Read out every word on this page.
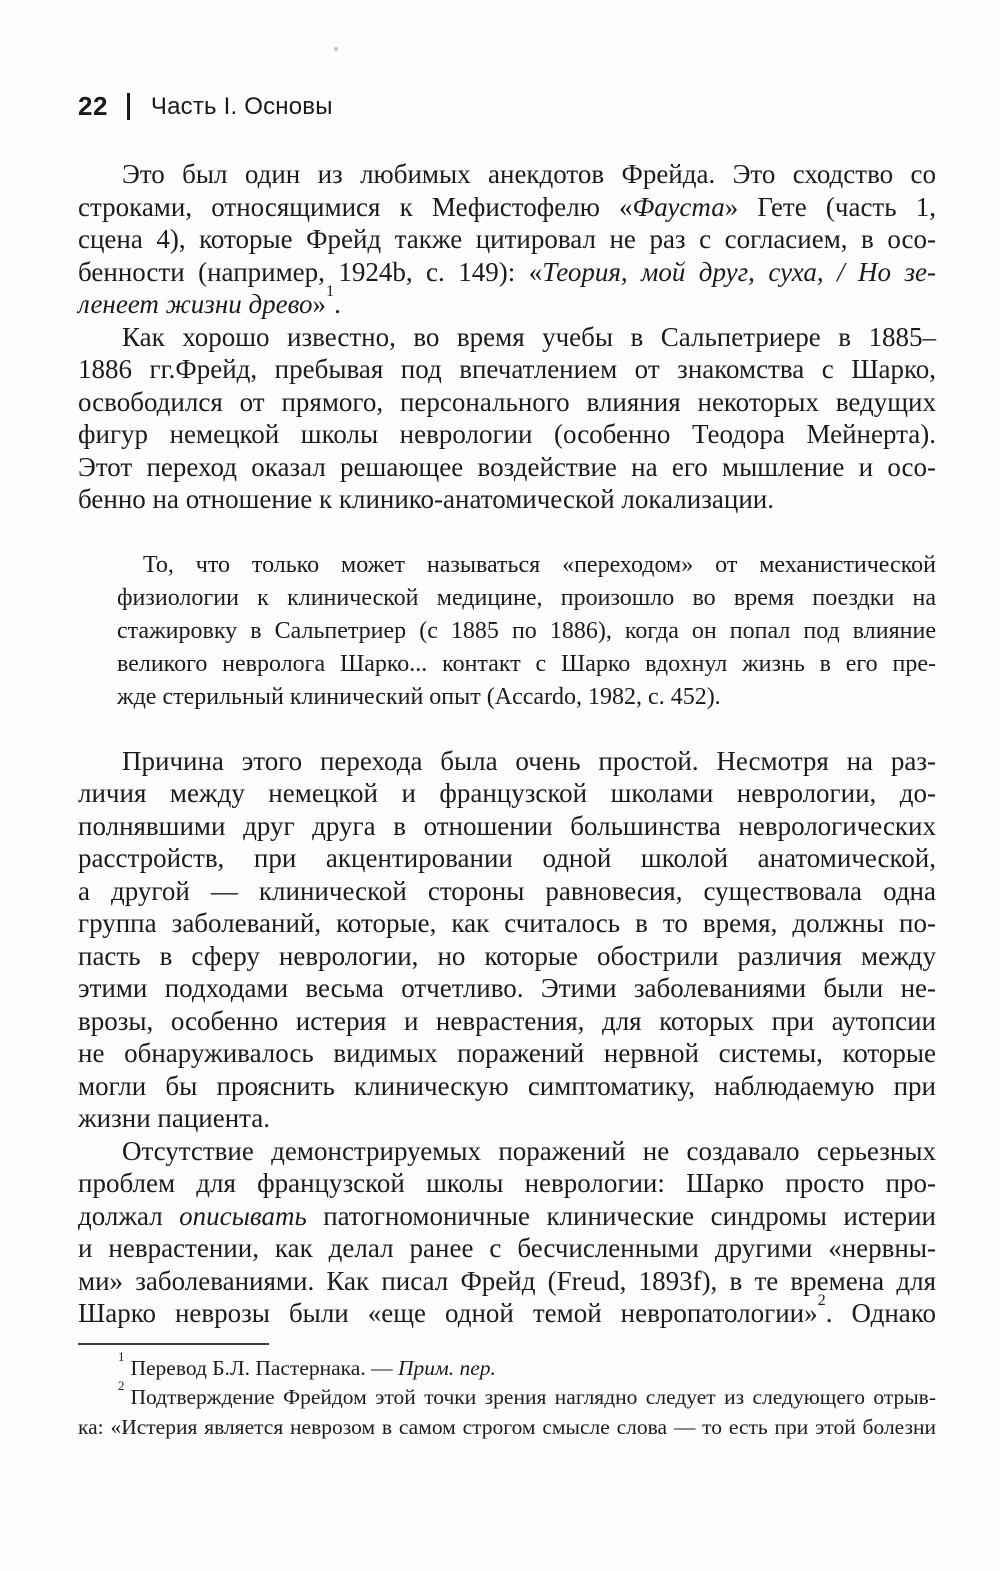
22 Часть I. Основы
Это был один из любимых анекдотов Фрейда. Это сходство со
строками, относящимися к Мефистофелю «Фауста» Гете (часть 1,
сцена 4), которые Фрейд также цитировал не раз с согласием, в осо-
бенности (например, 1924b, с. 149): «Теория, мой друг, суха, / Но зе-
ленеет жизни древо»$^1$.
Как хорошо известно, во время учебы в Сальпетриере в 1885–
1886 гг.Фрейд, пребывая под впечатлением от знакомства с Шарко,
освободился от прямого, персонального влияния некоторых ведущих
фигур немецкой школы неврологии (особенно Теодора Мейнерта).
Этот переход оказал решающее воздействие на его мышление и осо-
бенно на отношение к клинико-анатомической локализации.
То, что только может называться «переходом» от механистической
физиологии к клинической медицине, произошло во время поездки на
стажировку в Сальпетриер (с 1885 по 1886), когда он попал под влияние
великого невролога Шарко... контакт с Шарко вдохнул жизнь в его пре-
жде стерильный клинический опыт (Accardo, 1982, с. 452).
Причина этого перехода была очень простой. Несмотря на раз-
личия между немецкой и французской школами неврологии, до-
полнявшими друг друга в отношении большинства неврологических
расстройств, при акцентировании одной школой анатомической,
а другой — клинической стороны равновесия, существовала одна
группа заболеваний, которые, как считалось в то время, должны по-
пасть в сферу неврологии, но которые обострили различия между
этими подходами весьма отчетливо. Этими заболеваниями были не-
врозы, особенно истерия и неврастения, для которых при аутопсии
не обнаруживалось видимых поражений нервной системы, которые
могли бы прояснить клиническую симптоматику, наблюдаемую при
жизни пациента.
Отсутствие демонстрируемых поражений не создавало серьезных
проблем для французской школы неврологии: Шарко просто про-
должал описывать патогномоничные клинические синдромы истерии
и неврастении, как делал ранее с бесчисленными другими «нервны-
ми» заболеваниями. Как писал Фрейд (Freud, 1893f), в те времена для
Шарко неврозы были «еще одной темой невропатологии»$^2$. Однако
$^1$ Перевод Б.Л. Пастернака. — Прим. пер.
$^2$ Подтверждение Фрейдом этой точки зрения наглядно следует из следующего отрыв-
ка: «Истерия является неврозом в самом строгом смысле слова — то есть при этой болезни
